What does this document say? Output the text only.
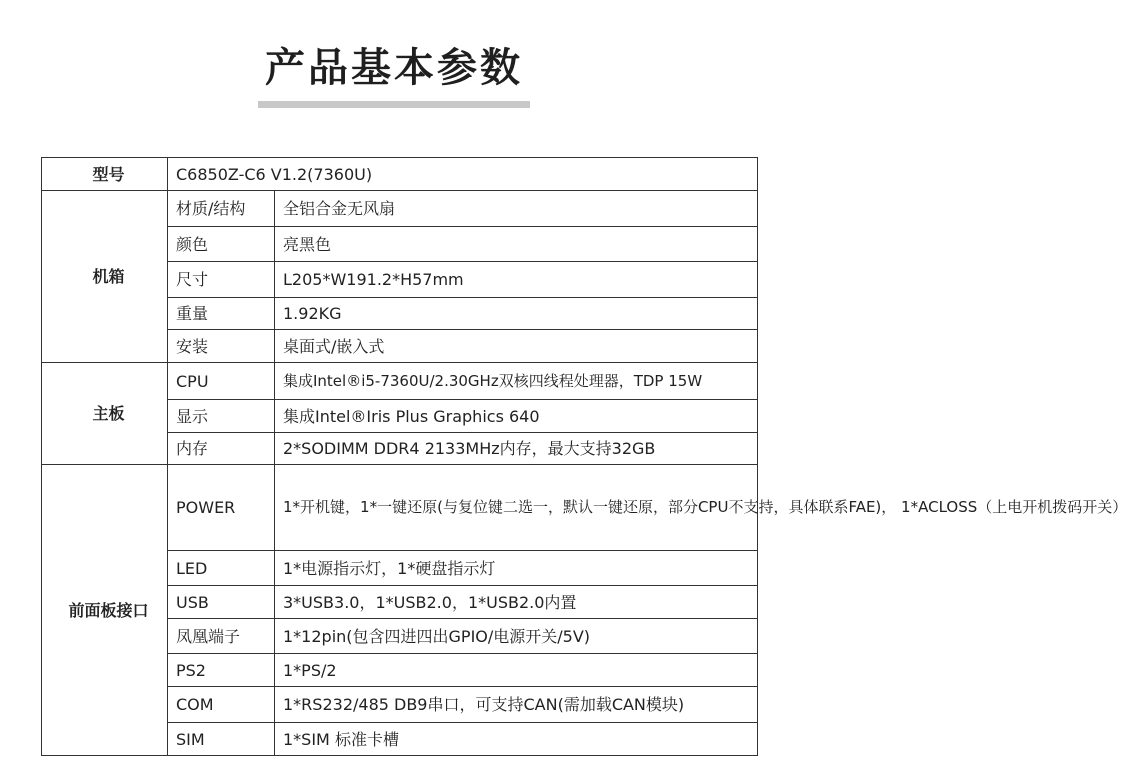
产品基本参数
型号	C6850Z-C6 V1.2(7360U)	
机箱	材质/结构	全铝合金无风扇
	颜色	亮黑色
	尺寸	L205*W191.2*H57mm
	重量	1.92KG
	安装	桌面式/嵌入式
主板	CPU	集成Intel®i5-7360U/2.30GHz双核四线程处理器，TDP 15W
	显示	集成Intel®Iris Plus Graphics 640
	内存	2*SODIMM DDR4 2133MHz内存，最大支持32GB
前面板接口	POWER	1*开机键，1*一键还原(与复位键二选一，默认一键还原，部分CPU不支持，具体联系FAE)， 1*ACLOSS（上电开机拨码开关）
	LED	1*电源指示灯，1*硬盘指示灯
	USB	3*USB3.0，1*USB2.0，1*USB2.0内置
	凤凰端子	1*12pin(包含四进四出GPIO/电源开关/5V)
	PS2	1*PS/2
	COM	1*RS232/485 DB9串口，可支持CAN(需加载CAN模块)
	SIM	1*SIM 标准卡槽
